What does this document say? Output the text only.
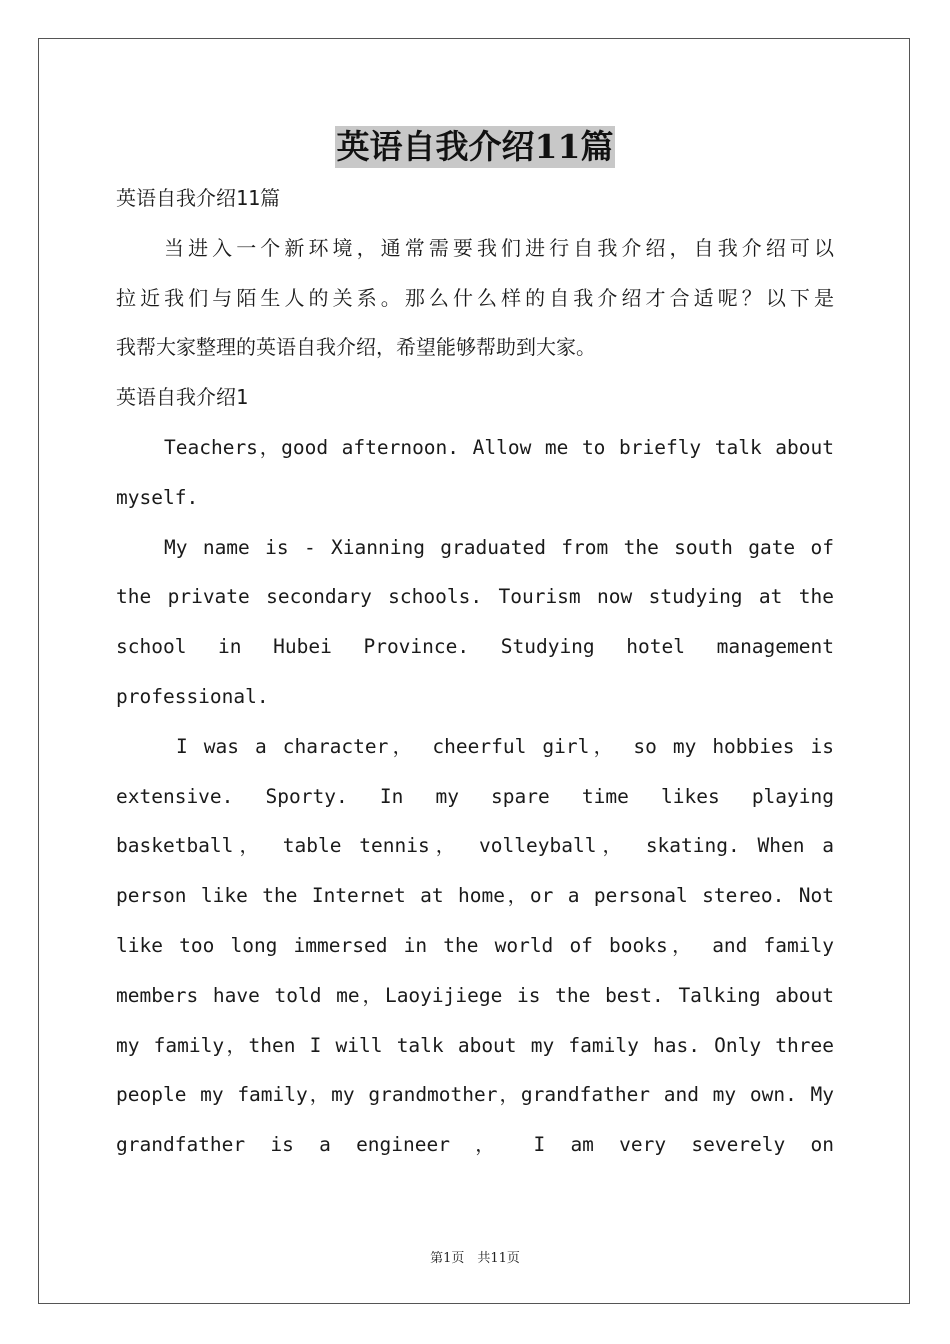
英语自我介绍11篇
英语自我介绍11篇
当进入一个新环境，通常需要我们进行自我介绍，自我介绍可以
拉近我们与陌生人的关系。那么什么样的自我介绍才合适呢？以下是
我帮大家整理的英语自我介绍，希望能够帮助到大家。
英语自我介绍1
Teachers，good afternoon. Allow me to briefly talk about
myself.
My name is - Xianning graduated from the south gate of
the private secondary schools. Tourism now studying at the
school in Hubei Province. Studying hotel management
professional.
I was a character， cheerful girl， so my hobbies is
extensive. Sporty. In my spare time likes playing
basketball， table tennis， volleyball， skating. When a
person like the Internet at home，or a personal stereo. Not
like too long immersed in the world of books， and family
members have told me，Laoyijiege is the best. Talking about
my family，then I will talk about my family has. Only three
people my family，my grandmother，grandfather and my own. My
grandfather is a engineer ， I am very severely on
第1页　共11页
